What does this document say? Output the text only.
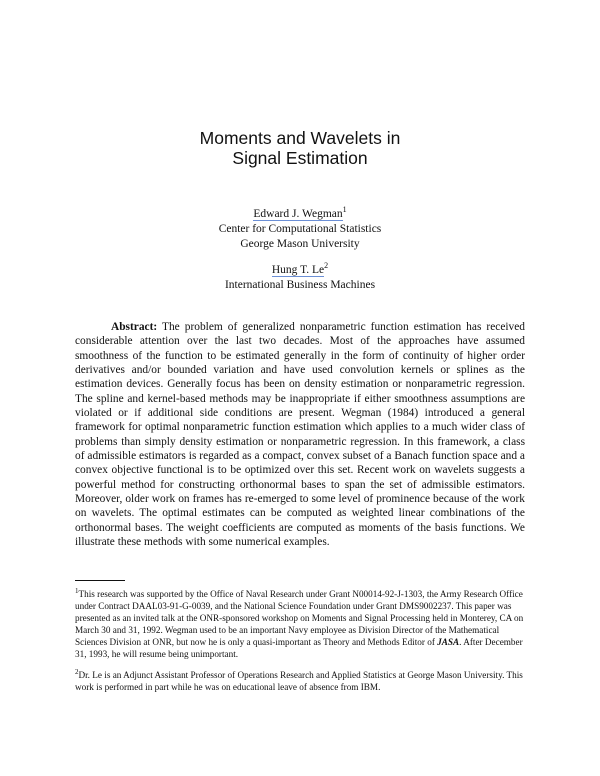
Moments and Wavelets in
Signal Estimation
Edward J. Wegman$^1$
Center for Computational Statistics
George Mason University
Hung T. Le$^2$
International Business Machines
Abstract: The problem of generalized nonparametric function estimation has received considerable attention over the last two decades. Most of the approaches have assumed smoothness of the function to be estimated generally in the form of continuity of higher order derivatives and/or bounded variation and have used convolution kernels or splines as the estimation devices. Generally focus has been on density estimation or nonparametric regression. The spline and kernel-based methods may be inappropriate if either smoothness assumptions are violated or if additional side conditions are present. Wegman (1984) introduced a general framework for optimal nonparametric function estimation which applies to a much wider class of problems than simply density estimation or nonparametric regression. In this framework, a class of admissible estimators is regarded as a compact, convex subset of a Banach function space and a convex objective functional is to be optimized over this set. Recent work on wavelets suggests a powerful method for constructing orthonormal bases to span the set of admissible estimators. Moreover, older work on frames has re-emerged to some level of prominence because of the work on wavelets. The optimal estimates can be computed as weighted linear combinations of the orthonormal bases. The weight coefficients are computed as moments of the basis functions. We illustrate these methods with some numerical examples.
$^1$This research was supported by the Office of Naval Research under Grant N00014-92-J-1303, the Army Research Office under Contract DAAL03-91-G-0039, and the National Science Foundation under Grant DMS9002237. This paper was presented as an invited talk at the ONR-sponsored workshop on Moments and Signal Processing held in Monterey, CA on March 30 and 31, 1992. Wegman used to be an important Navy employee as Division Director of the Mathematical Sciences Division at ONR, but now he is only a quasi-important as Theory and Methods Editor of JASA. After December 31, 1993, he will resume being unimportant.
$^2$Dr. Le is an Adjunct Assistant Professor of Operations Research and Applied Statistics at George Mason University. This work is performed in part while he was on educational leave of absence from IBM.
